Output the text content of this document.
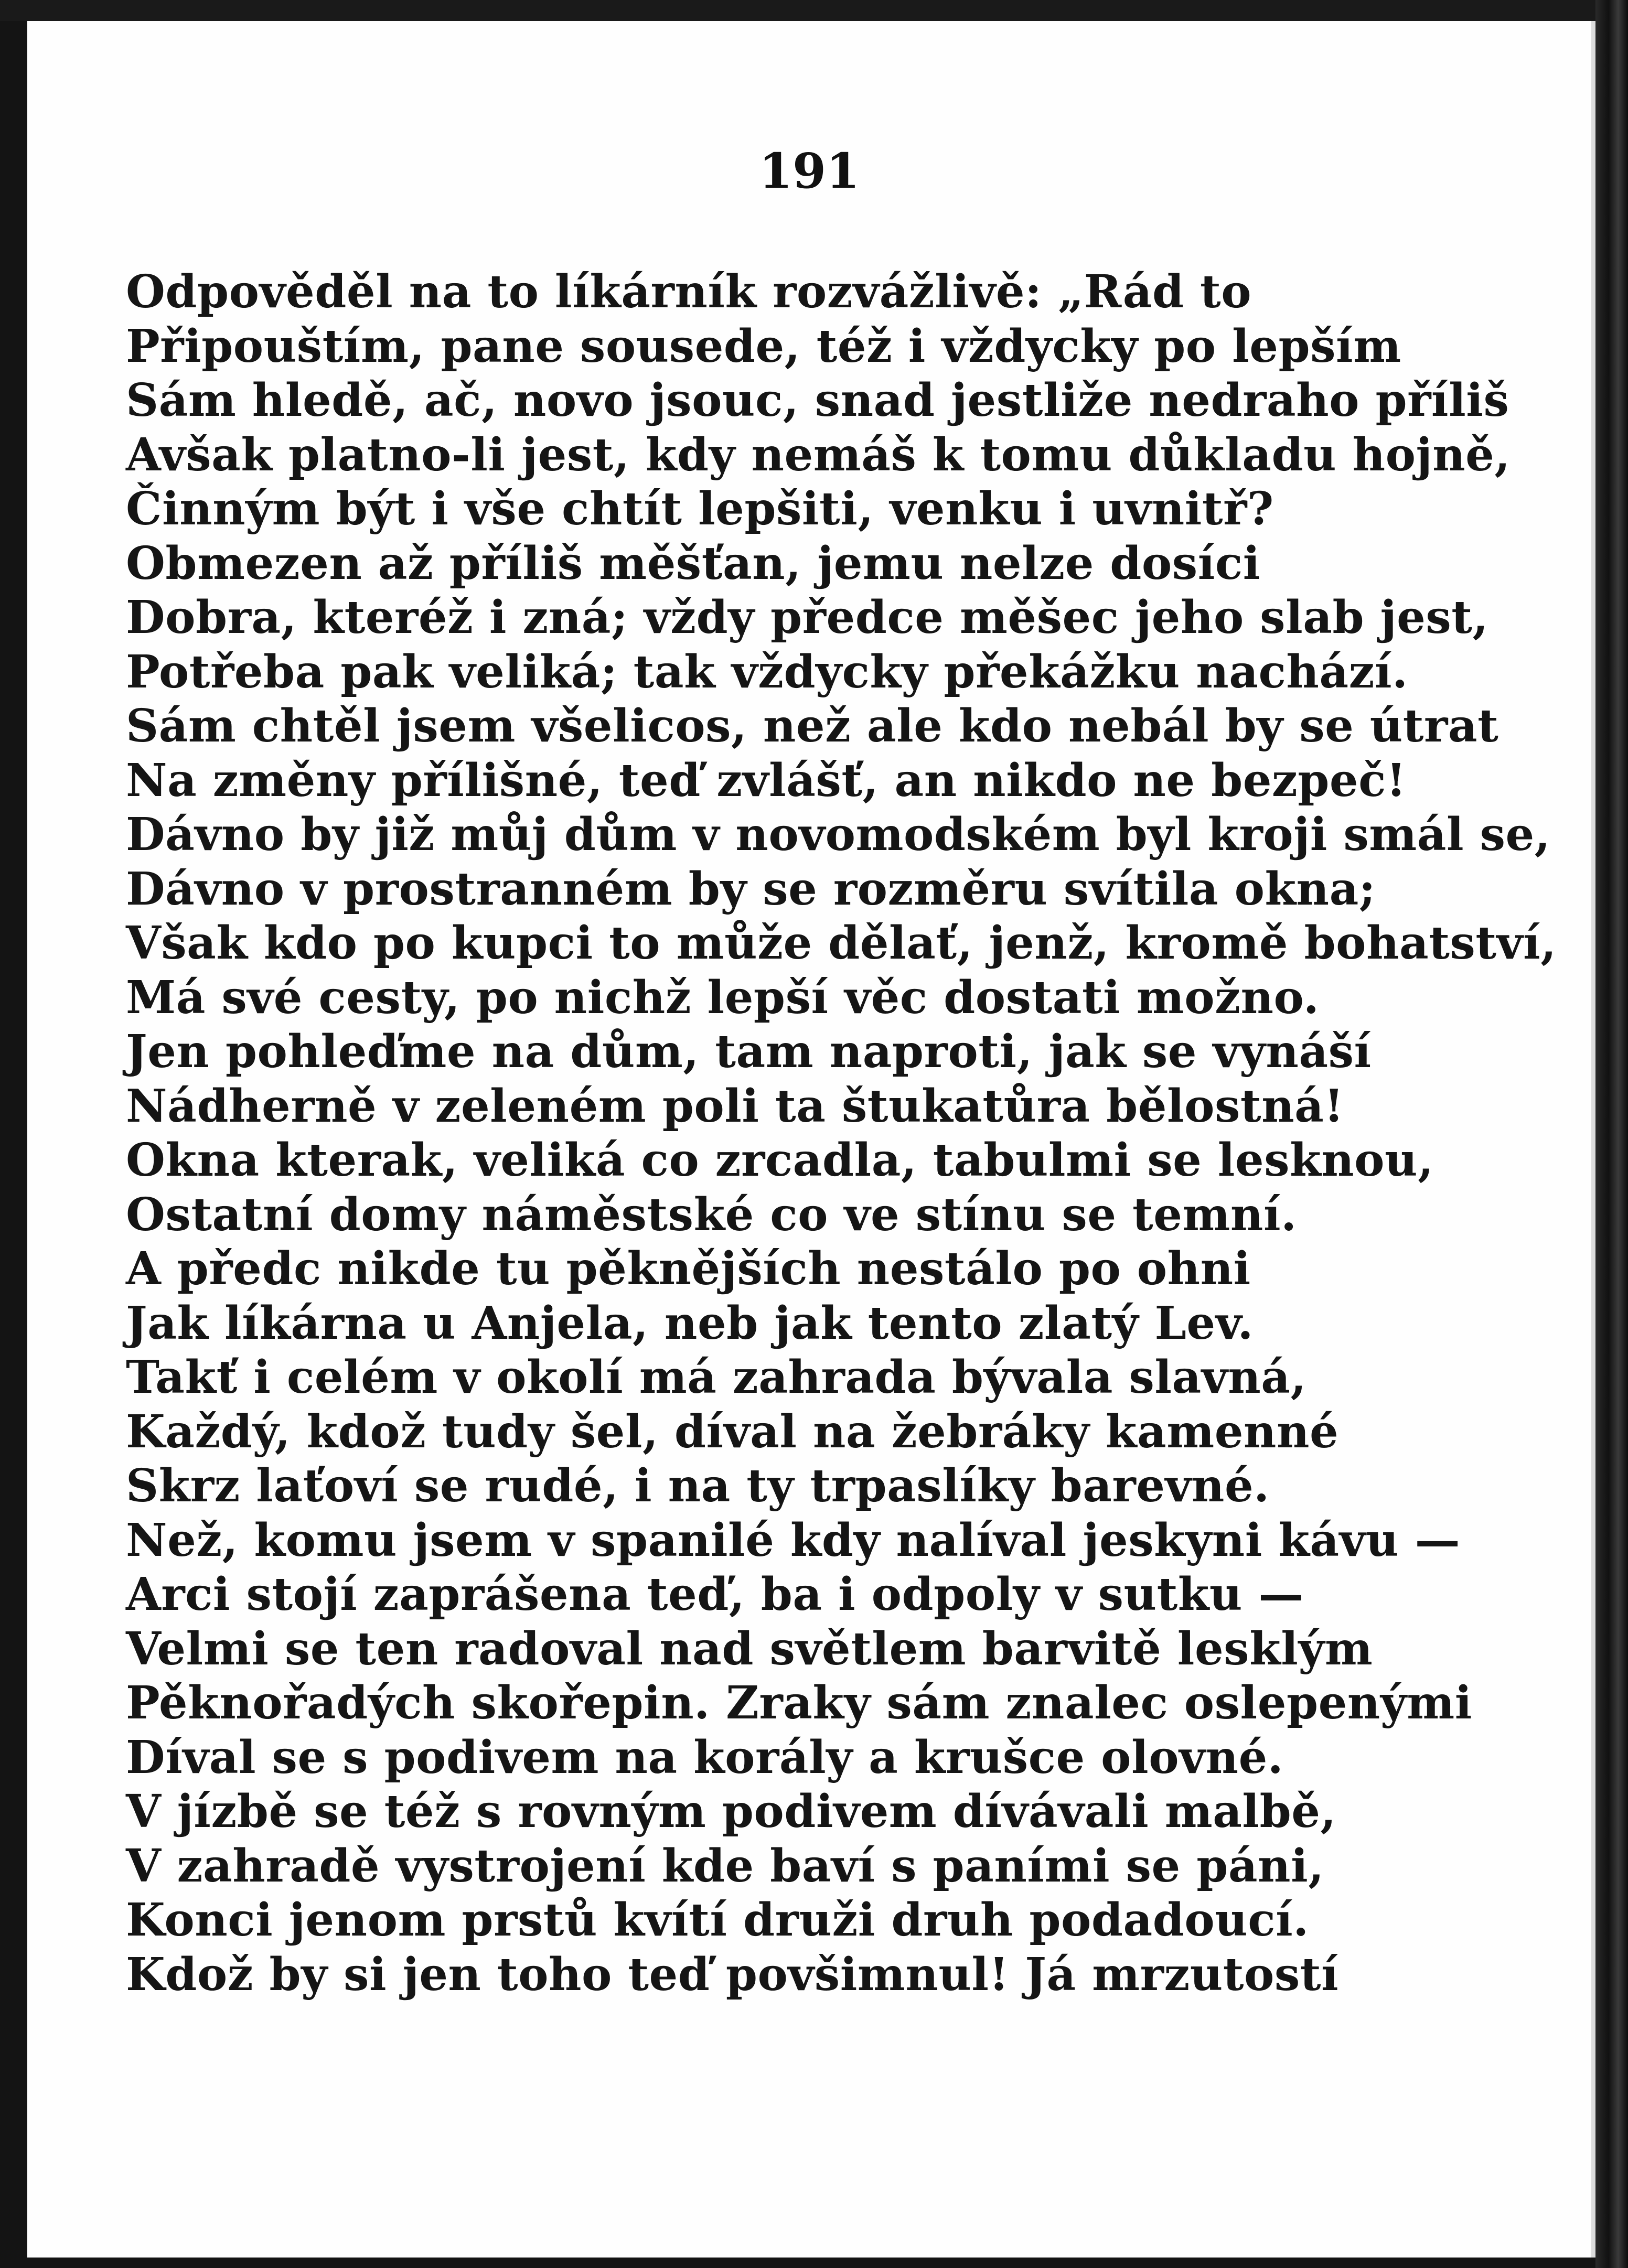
191
Odpověděl na to líkárník rozvážlivě: „Rád to
Připouštím, pane sousede, též i vždycky po lepším
Sám hledě, ač, novo jsouc, snad jestliže nedraho příliš
Avšak platno-li jest, kdy nemáš k tomu důkladu hojně,
Činným být i vše chtít lepšiti, venku i uvnitř?
Obmezen až příliš měšťan, jemu nelze dosíci
Dobra, kteréž i zná; vždy předce měšec jeho slab jest,
Potřeba pak veliká; tak vždycky překážku nachází.
Sám chtěl jsem všelicos, než ale kdo nebál by se útrat
Na změny přílišné, teď zvlášť, an nikdo ne bezpeč!
Dávno by již můj dům v novomodském byl kroji smál se,
Dávno v prostranném by se rozměru svítila okna;
Však kdo po kupci to může dělať, jenž, kromě bohatství,
Má své cesty, po nichž lepší věc dostati možno.
Jen pohleďme na dům, tam naproti, jak se vynáší
Nádherně v zeleném poli ta štukatůra bělostná!
Okna kterak, veliká co zrcadla, tabulmi se lesknou,
Ostatní domy náměstské co ve stínu se temní.
A předc nikde tu pěknějších nestálo po ohni
Jak líkárna u Anjela, neb jak tento zlatý Lev.
Takť i celém v okolí má zahrada bývala slavná,
Každý, kdož tudy šel, díval na žebráky kamenné
Skrz laťoví se rudé, i na ty trpaslíky barevné.
Než, komu jsem v spanilé kdy nalíval jeskyni kávu —
Arci stojí zaprášena teď, ba i odpoly v sutku —
Velmi se ten radoval nad světlem barvitě lesklým
Pěknořadých skořepin. Zraky sám znalec oslepenými
Díval se s podivem na korály a krušce olovné.
V jízbě se též s rovným podivem dívávali malbě,
V zahradě vystrojení kde baví s paními se páni,
Konci jenom prstů kvítí druži druh podadoucí.
Kdož by si jen toho teď povšimnul! Já mrzutostí
